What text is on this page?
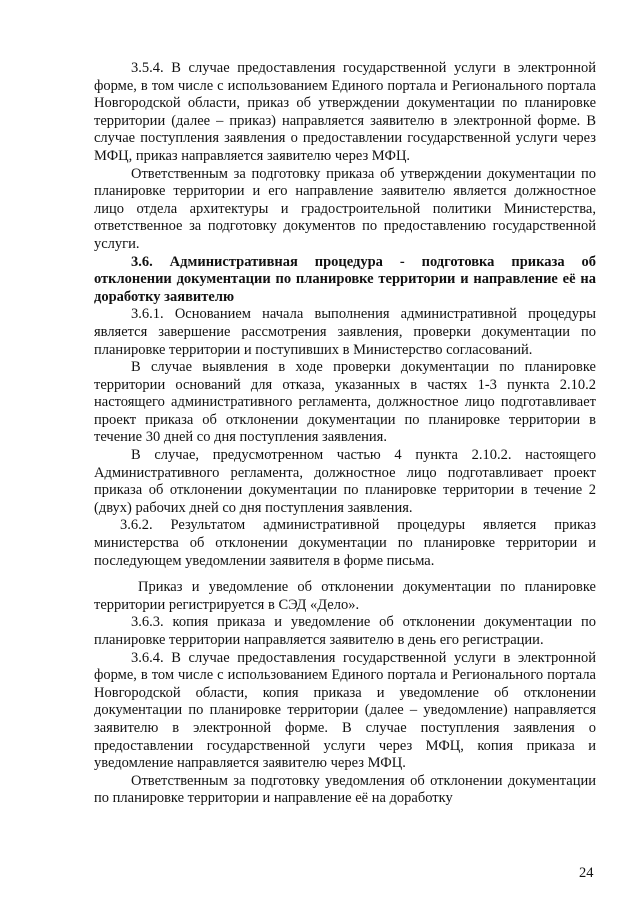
3.5.4. В случае предоставления государственной услуги в электронной форме, в том числе с использованием Единого портала и Регионального портала Новгородской области, приказ об утверждении документации по планировке территории (далее – приказ) направляется заявителю в электронной форме. В случае поступления заявления о предоставлении государственной услуги через МФЦ, приказ направляется заявителю через МФЦ.

Ответственным за подготовку приказа об утверждении документации по планировке территории и его направление заявителю является должностное лицо отдела архитектуры и градостроительной политики Министерства, ответственное за подготовку документов по предоставлению государственной услуги.

3.6. Административная процедура - подготовка приказа об отклонении документации по планировке территории и направление её на доработку заявителю

3.6.1. Основанием начала выполнения административной процедуры является завершение рассмотрения заявления, проверки документации по планировке территории и поступивших в Министерство согласований.

В случае выявления в ходе проверки документации по планировке территории оснований для отказа, указанных в частях 1-3 пункта 2.10.2 настоящего административного регламента, должностное лицо подготавливает проект приказа об отклонении документации по планировке территории в течение 30 дней со дня поступления заявления.

В случае, предусмотренном частью 4 пункта 2.10.2. настоящего Административного регламента, должностное лицо подготавливает проект приказа об отклонении документации по планировке территории в течение 2 (двух) рабочих дней со дня поступления заявления.

3.6.2. Результатом административной процедуры является приказ министерства об отклонении документации по планировке территории и последующем уведомлении заявителя в форме письма.

Приказ и уведомление об отклонении документации по планировке территории регистрируется в СЭД «Дело».

3.6.3. копия приказа и уведомление об отклонении документации по планировке территории направляется заявителю в день его регистрации.

3.6.4. В случае предоставления государственной услуги в электронной форме, в том числе с использованием Единого портала и Регионального портала Новгородской области, копия приказа и уведомление об отклонении документации по планировке территории (далее – уведомление) направляется заявителю в электронной форме. В случае поступления заявления о предоставлении государственной услуги через МФЦ, копия приказа и уведомление направляется заявителю через МФЦ.

Ответственным за подготовку уведомления об отклонении документации по планировке территории и направление её на доработку

24
